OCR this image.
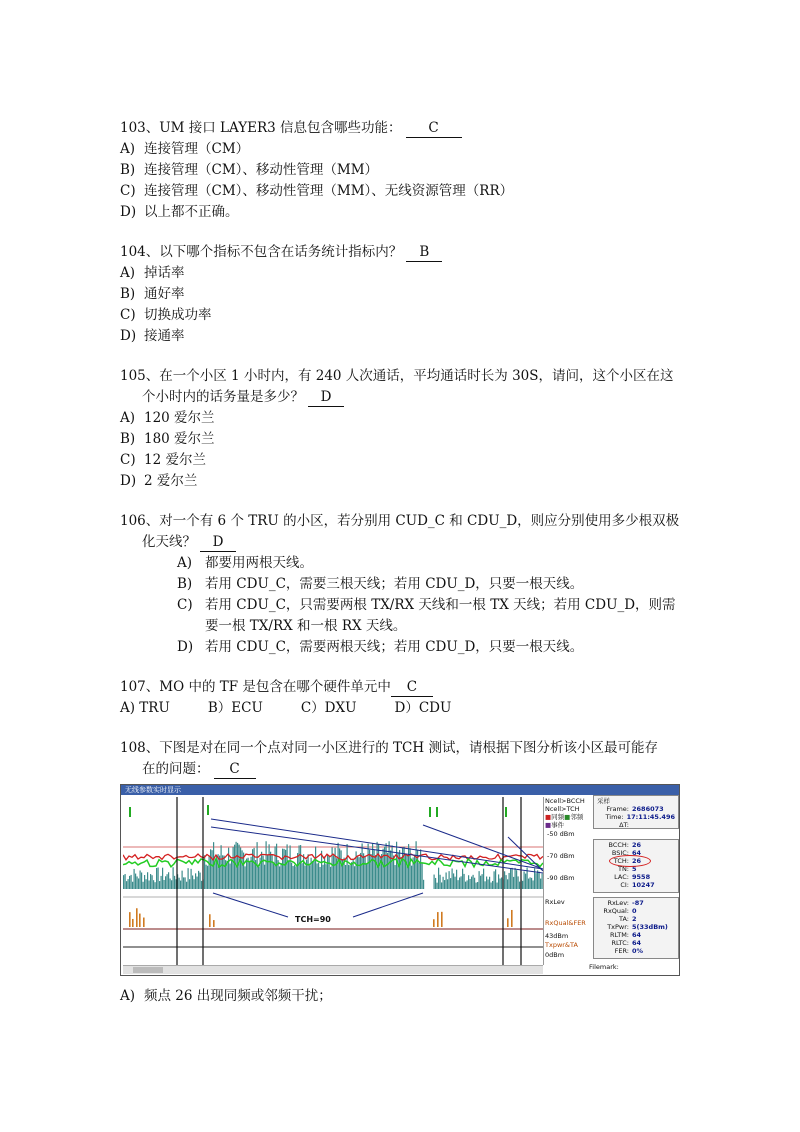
103、UM 接口 LAYER3 信息包含哪些功能： C
A) 连接管理（CM）
B) 连接管理（CM）、移动性管理（MM）
C) 连接管理（CM）、移动性管理（MM）、无线资源管理（RR）
D) 以上都不正确。
104、以下哪个指标不包含在话务统计指标内？ B
A) 掉话率
B) 通好率
C) 切换成功率
D) 接通率
105、在一个小区 1 小时内，有 240 人次通话，平均通话时长为 30S，请问，这个小区在这
个小时内的话务量是多少？ D
A) 120 爱尔兰
B) 180 爱尔兰
C) 12 爱尔兰
D) 2 爱尔兰
106、对一个有 6 个 TRU 的小区，若分别用 CUD_C 和 CDU_D，则应分别使用多少根双极
化天线？ D
A) 都要用两根天线。
B) 若用 CDU_C，需要三根天线；若用 CDU_D，只要一根天线。
C) 若用 CDU_C，只需要两根 TX/RX 天线和一根 TX 天线；若用 CDU_D，则需
要一根 TX/RX 和一根 RX 天线。
D) 若用 CDU_C，需要两根天线；若用 CDU_D，只要一根天线。
107、MO 中的 TF 是包含在哪个硬件单元中 C
A) TRU	B）ECU	C）DXU	D）CDU
108、下图是对在同一个点对同一小区进行的 TCH 测试，请根据下图分析该小区最可能存
在的问题： C
无线参数实时显示
TCH=90
Ncell>BCCH
Ncell>TCH
■同频■邻频
■事件
-50 dBm
-70 dBm
-90 dBm
RxLev
RxQual&FER
43dBm
Txpwr&TA
0dBm
Filemark:
采样
Frame: 2686073
Time: 17:11:45.496
ΔT:
BCCH: 26
BSIC: 64
TCH: 26
TN: 5
LAC: 9558
CI: 10247
RxLev: -87
RxQual: 0
TA: 2
TxPwr: 5(33dBm)
RLTM: 64
RLTC: 64
FER: 0%
A) 频点 26 出现同频或邻频干扰；
